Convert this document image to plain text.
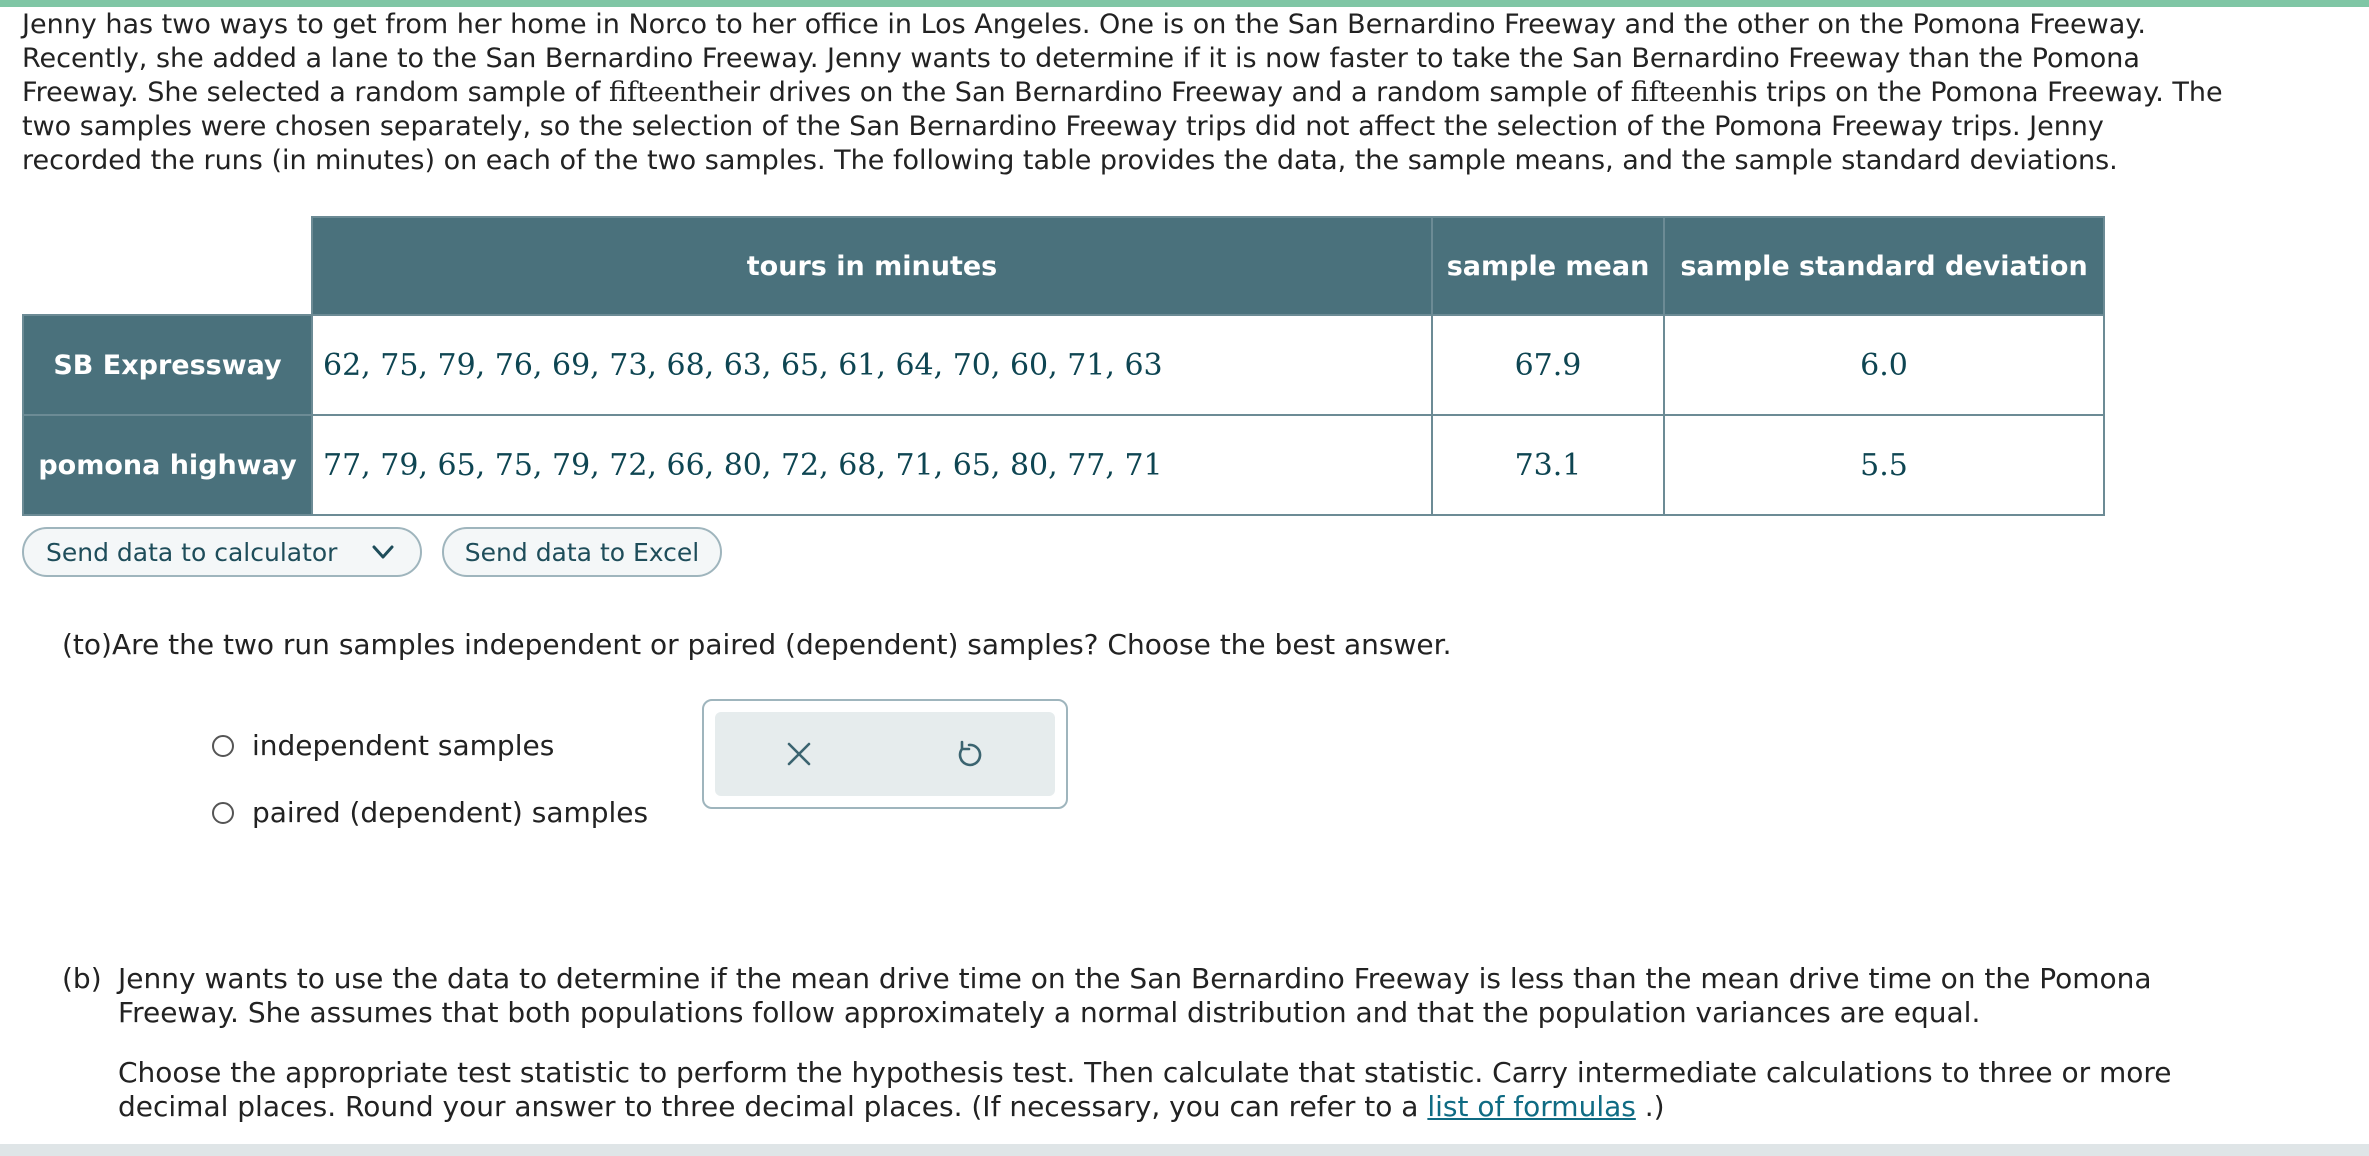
Jenny has two ways to get from her home in Norco to her office in Los Angeles. One is on the San Bernardino Freeway and the other on the Pomona Freeway.
Recently, she added a lane to the San Bernardino Freeway. Jenny wants to determine if it is now faster to take the San Bernardino Freeway than the Pomona
Freeway. She selected a random sample of fifteentheir drives on the San Bernardino Freeway and a random sample of fifteenhis trips on the Pomona Freeway. The
two samples were chosen separately, so the selection of the San Bernardino Freeway trips did not affect the selection of the Pomona Freeway trips. Jenny
recorded the runs (in minutes) on each of the two samples. The following table provides the data, the sample means, and the sample standard deviations.
	tours in minutes	sample mean	sample standard deviation
SB Expressway	62, 75, 79, 76, 69, 73, 68, 63, 65, 61, 64, 70, 60, 71, 63	67.9	6.0
pomona highway	77, 79, 65, 75, 79, 72, 66, 80, 72, 68, 71, 65, 80, 77, 71	73.1	5.5
Send data to calculator	Send data to Excel
(to)Are the two run samples independent or paired (dependent) samples? Choose the best answer.
independent samples
paired (dependent) samples
(b) Jenny wants to use the data to determine if the mean drive time on the San Bernardino Freeway is less than the mean drive time on the Pomona
Freeway. She assumes that both populations follow approximately a normal distribution and that the population variances are equal.
Choose the appropriate test statistic to perform the hypothesis test. Then calculate that statistic. Carry intermediate calculations to three or more
decimal places. Round your answer to three decimal places. (If necessary, you can refer to a list of formulas .)
